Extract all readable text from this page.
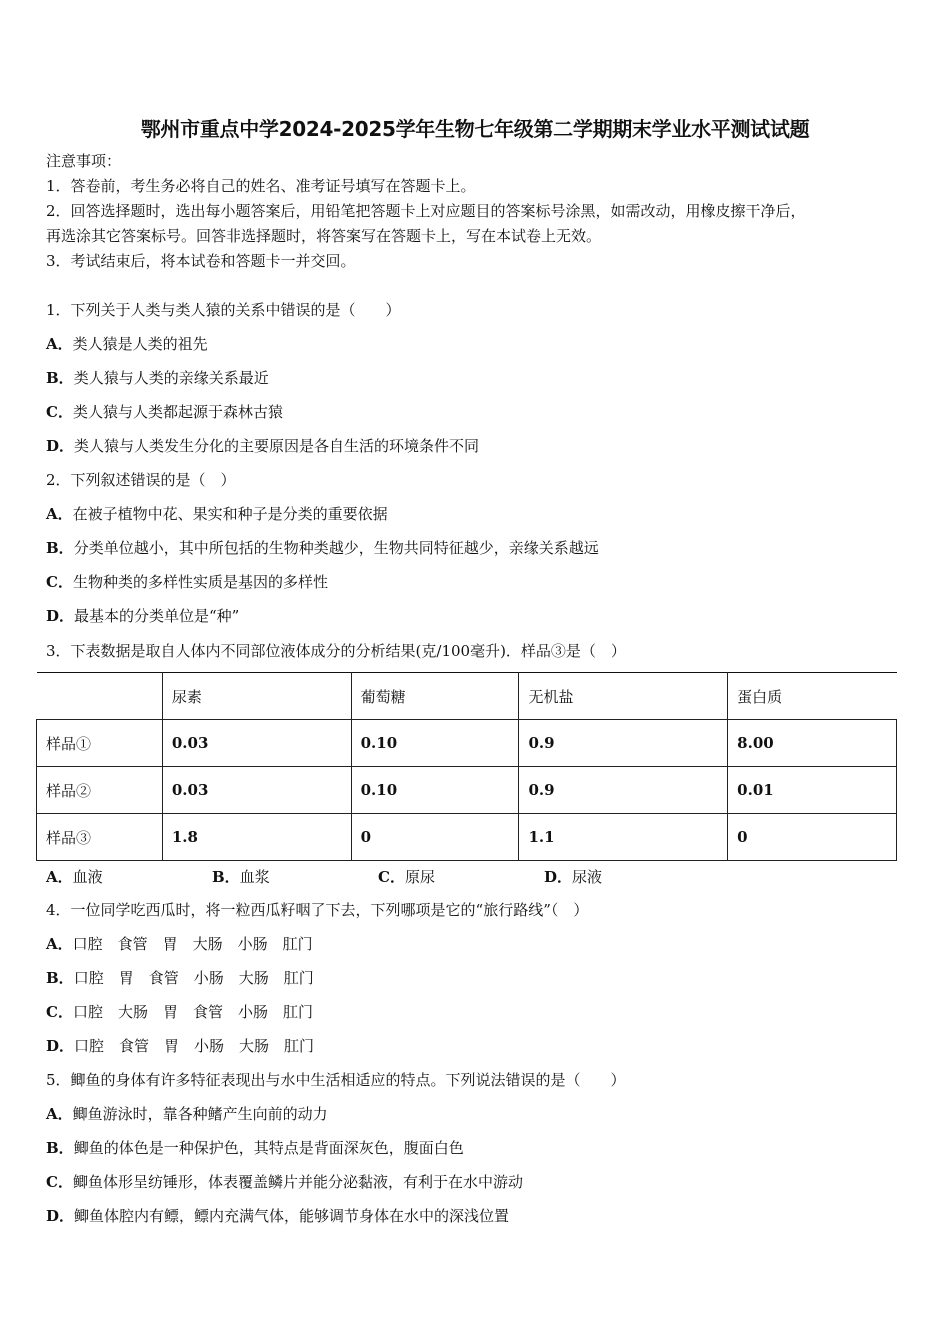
鄂州市重点中学2024-2025学年生物七年级第二学期期末学业水平测试试题
注意事项：
1．答卷前，考生务必将自己的姓名、准考证号填写在答题卡上。
2．回答选择题时，选出每小题答案后，用铅笔把答题卡上对应题目的答案标号涂黑，如需改动，用橡皮擦干净后，
再选涂其它答案标号。回答非选择题时，将答案写在答题卡上，写在本试卷上无效。
3．考试结束后，将本试卷和答题卡一并交回。
1．下列关于人类与类人猿的关系中错误的是（　　）
A．类人猿是人类的祖先
B．类人猿与人类的亲缘关系最近
C．类人猿与人类都起源于森林古猿
D．类人猿与人类发生分化的主要原因是各自生活的环境条件不同
2．下列叙述错误的是（　）
A．在被子植物中花、果实和种子是分类的重要依据
B．分类单位越小，其中所包括的生物种类越少，生物共同特征越少，亲缘关系越远
C．生物种类的多样性实质是基因的多样性
D．最基本的分类单位是“种”
3．下表数据是取自人体内不同部位液体成分的分析结果(克/100毫升)．样品③是（　）
	尿素	葡萄糖	无机盐	蛋白质
样品①	0.03	0.10	0.9	8.00
样品②	0.03	0.10	0.9	0.01
样品③	1.8	0	1.1	0
A．血液	B．血浆	C．原尿	D．尿液
4．一位同学吃西瓜时，将一粒西瓜籽咽了下去，下列哪项是它的“旅行路线”（　）
A．口腔　食管　胃　大肠　小肠　肛门
B．口腔　胃　食管　小肠　大肠　肛门
C．口腔　大肠　胃　食管　小肠　肛门
D．口腔　食管　胃　小肠　大肠　肛门
5．鲫鱼的身体有许多特征表现出与水中生活相适应的特点。下列说法错误的是（　　）
A．鲫鱼游泳时，靠各种鳍产生向前的动力
B．鲫鱼的体色是一种保护色，其特点是背面深灰色，腹面白色
C．鲫鱼体形呈纺锤形，体表覆盖鳞片并能分泌黏液，有利于在水中游动
D．鲫鱼体腔内有鳔，鳔内充满气体，能够调节身体在水中的深浅位置
